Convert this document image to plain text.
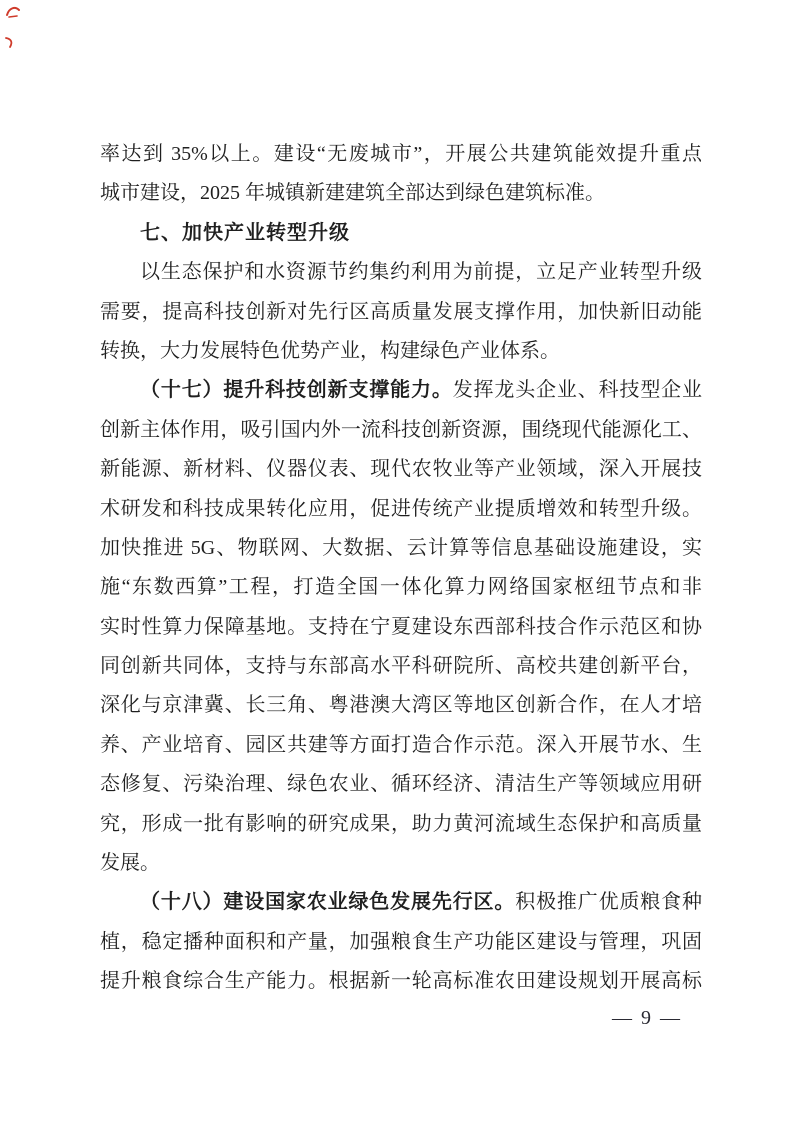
率达到 35%以上。建设“无废城市”，开展公共建筑能效提升重点
城市建设，2025 年城镇新建建筑全部达到绿色建筑标准。
七、加快产业转型升级
以生态保护和水资源节约集约利用为前提，立足产业转型升级
需要，提高科技创新对先行区高质量发展支撑作用，加快新旧动能
转换，大力发展特色优势产业，构建绿色产业体系。
（十七）提升科技创新支撑能力。发挥龙头企业、科技型企业
创新主体作用，吸引国内外一流科技创新资源，围绕现代能源化工、
新能源、新材料、仪器仪表、现代农牧业等产业领域，深入开展技
术研发和科技成果转化应用，促进传统产业提质增效和转型升级。
加快推进 5G、物联网、大数据、云计算等信息基础设施建设，实
施“东数西算”工程，打造全国一体化算力网络国家枢纽节点和非
实时性算力保障基地。支持在宁夏建设东西部科技合作示范区和协
同创新共同体，支持与东部高水平科研院所、高校共建创新平台，
深化与京津冀、长三角、粤港澳大湾区等地区创新合作，在人才培
养、产业培育、园区共建等方面打造合作示范。深入开展节水、生
态修复、污染治理、绿色农业、循环经济、清洁生产等领域应用研
究，形成一批有影响的研究成果，助力黄河流域生态保护和高质量
发展。
（十八）建设国家农业绿色发展先行区。积极推广优质粮食种
植，稳定播种面积和产量，加强粮食生产功能区建设与管理，巩固
提升粮食综合生产能力。根据新一轮高标准农田建设规划开展高标
— 9 —
